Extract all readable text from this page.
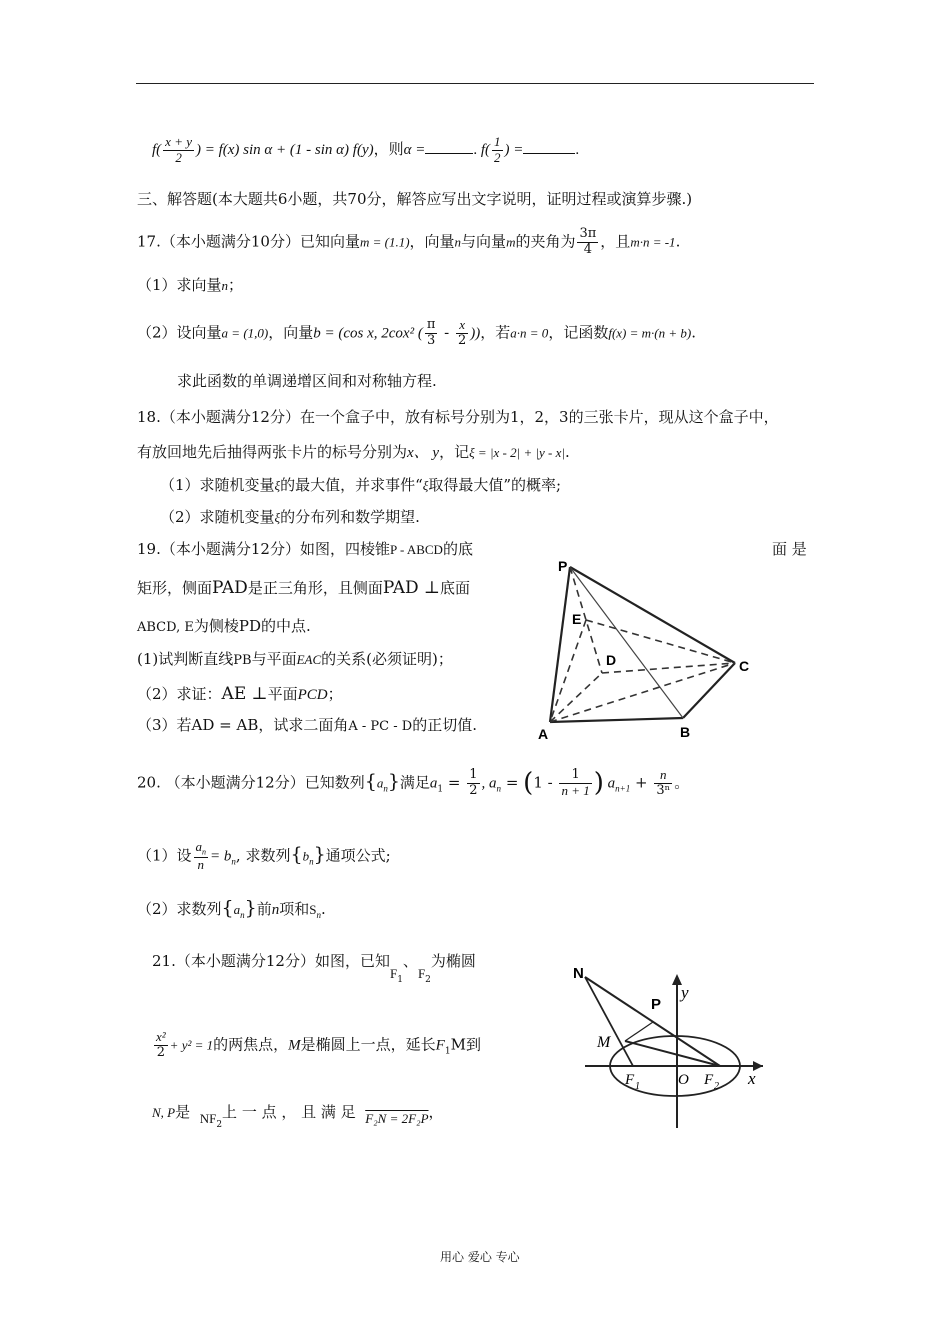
$f( \frac{x + y}{2}$ ) = f(x) sin α + (1 - sin α) f(y)，则α =	. $f( \frac{1}{2}$ ) =	.
三、解答题(本大题共6小题，共70分，解答应写出文字说明，证明过程或演算步骤.)
17.（本小题满分10分）已知向量m = (1.1)，向量n与向量m的夹角为 $\frac{3\pi}{4}$ ，且m·n = -1.
（1）求向量n；
（2）设向量a = (1,0)，向量b = (cos x, 2cox² ( $\frac{\pi}{3} - \frac{x}{2}$ ))，若a·n = 0，记函数f(x) = m·(n + b).
求此函数的单调递增区间和对称轴方程.
18.（本小题满分12分）在一个盒子中，放有标号分别为1，2，3的三张卡片，现从这个盒子中，
有放回地先后抽得两张卡片的标号分别为x、 y，记ξ = |x - 2| + |y - x|.
（1）求随机变量ξ的最大值，并求事件“ξ取得最大值”的概率;
（2）求随机变量ξ的分布列和数学期望.
19.（本小题满分12分）如图，四棱锥P - ABCD的底	面 是
矩形，侧面PAD是正三角形，且侧面PAD ⊥底面
ABCD, E为侧棱PD的中点.
(1)试判断直线PB与平面EAC的关系(必须证明)；
（2）求证：AE ⊥平面PCD；
（3）若AD = AB，试求二面角A - PC - D的正切值.
P
E
D	C
A	B
20. （本小题满分12分）已知数列$\{a_n\}$满足$a_1 = \frac{1}{2}$ , $a_n = (1 - \frac{1}{n + 1}$ ) $a_{n+1} + \frac{n}{\text{3ⁿ}}$ 。
（1）设 $\frac{a_n}{n} = b_n$, 求数列$\{b_n\}$通项公式;
（2）求数列$\{a_n\}$前n项和$S_n$.
21.（本小题满分12分）如图，已知$F_1$、$F_2$为椭圆
$\frac{\text{x²}}{2} + y^2 = 1$的两焦点，M是椭圆上一点，延长$F_1M$到
N, P是 $NF_2$上 一 点 ， 且 满 足 F₂N = 2F₂P，
N
P
y
M
F 1	O F 2 x
用心 爱心 专心
